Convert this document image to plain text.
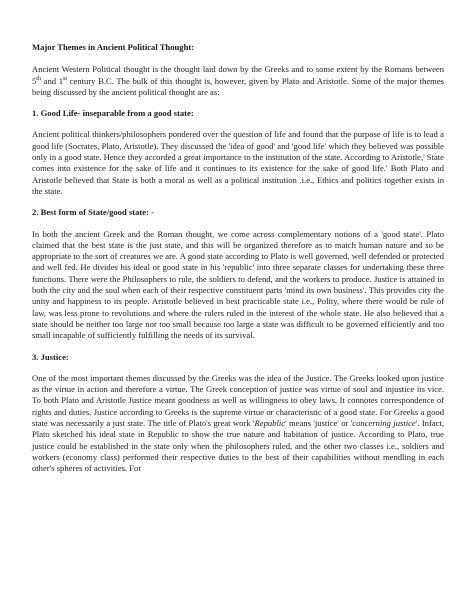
Major Themes in Ancient Political Thought:
Ancient Western Political thought is the thought laid down by the Greeks and to some extent by the Romans between 5th and 1st century B.C. The bulk of this thought is, however, given by Plato and Aristotle. Some of the major themes being discussed by the ancient political thought are as:
1. Good Life- inseparable from a good state:
Ancient political thinkers/philosophers pondered over the question of life and found that the purpose of life is to lead a good life (Socrates, Plato, Aristotle). They discussed the 'idea of good' and 'good life' which they believed was possible only in a good state. Hence they accorded a great importance to the institution of the state. According to Aristotle,' State comes into existence for the sake of life and it continues to its existence for the sake of good life.' Both Plato and Aristotle believed that State is both a moral as well as a political institution .i.e., Ethics and politics together exists in the state.
2. Best form of State/good state: -
In both the ancient Greek and the Roman thought, we come across complementary notions of a 'good state'. Plato claimed that the best state is the just state, and this will be organized therefore as to match human nature and so be appropriate to the sort of creatures we are. A good state according to Plato is well governed, well defended or protected and well fed. He divides his ideal or good state in his 'republic' into three separate classes for undertaking these three functions. There were the Philosophers to rule, the soldiers to defend, and the workers to produce. Justice is attained in both the city and the soul when each of their respective constituent parts 'mind its own business'. This provides city the unity and happiness to its people. Aristotle believed in best practicable state i.e., Polity, where there would be rule of law, was less prone to revolutions and where the rulers ruled in the interest of the whole state. He also believed that a state should be neither too large nor too small because too large a state was difficult to be governed efficiently and too small incapable of sufficiently fulfilling the needs of its survival.
3. Justice:
One of the most important themes discussed by the Greeks was the idea of the Justice. The Greeks looked upon justice as the virtue in action and therefore a virtue. The Greek conception of justice was virtue of soul and injustice its vice. To both Plato and Aristotle Justice meant goodness as well as willingness to obey laws. It connotes correspondence of rights and duties. Justice according to Greeks is the supreme virtue or characteristic of a good state. For Greeks a good state was necessarily a just state. The title of Plato's great work 'Republic' means 'justice' or 'concerning justice'. Infact, Plato sketched his ideal state in Republic to show the true nature and habitation of justice. According to Plato, true justice could be established in the state only when the philosophers ruled, and the other two classes i.e., soldiers and workers (economy class) performed their respective duties to the best of their capabilities without mendling in each other's spheres of activities. For
